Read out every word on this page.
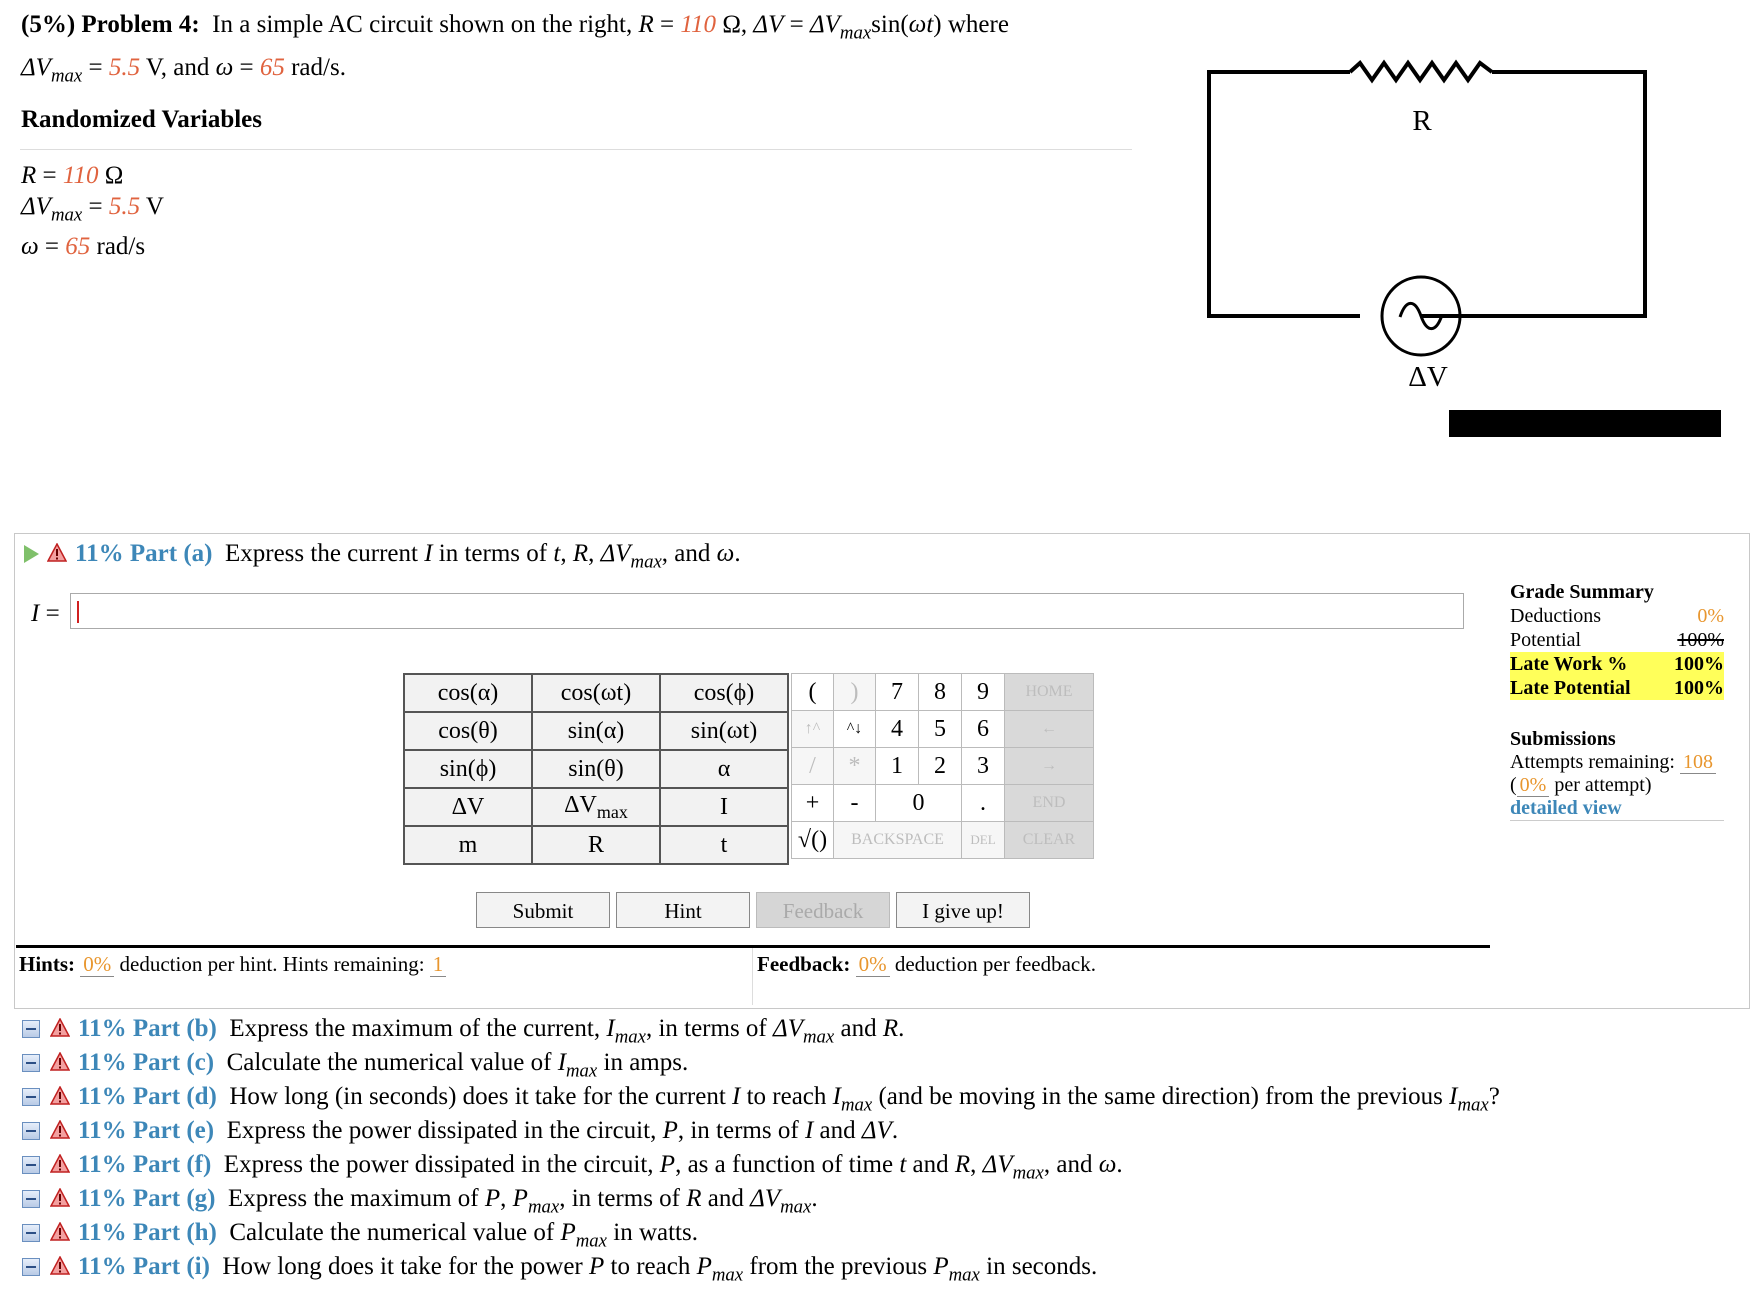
(5%) Problem 4: In a simple AC circuit shown on the right, R = 110 Ω, $\Delta V = \Delta V_{max}\sin(\omega t)$ where
$\Delta V_{max} = 5.5$ V, and ω = 65 rad/s.
Randomized Variables
R = 110 Ω
$\Delta V_{max} = 5.5$ V
ω = 65 rad/s
R
ΔV
11% Part (a)  Express the current I in terms of t, R, $\Delta V_{max}$, and ω.
I =
cos(α)	cos(ωt)	cos(ϕ)
cos(θ)	sin(α)	sin(ωt)
sin(ϕ)	sin(θ)	α
ΔV	$\Delta V_{max}$	I
m	R	t
(	)	7	8	9	HOME
↑^	^↓	4	5	6	←
/	*	1	2	3	→
+	-	0		.	END
√()	BACKSPACE			DEL	CLEAR
Submit	Hint	Feedback	I give up!
Hints: 0% deduction per hint. Hints remaining: 1	Feedback: 0% deduction per feedback.
Grade Summary
Deductions	0%
Potential	100%
Late Work % 100%
Late Potential 100%
Submissions
Attempts remaining: 108
( 0% per attempt)
detailed view
11% Part (b)  Express the maximum of the current, $I_{max}$, in terms of $\Delta V_{max}$ and R.
11% Part (c)  Calculate the numerical value of $I_{max}$ in amps.
11% Part (d)  How long (in seconds) does it take for the current I to reach $I_{max}$ (and be moving in the same direction) from the previous $I_{max}$?
11% Part (e)  Express the power dissipated in the circuit, P, in terms of I and ΔV.
11% Part (f)  Express the power dissipated in the circuit, P, as a function of time t and R, $\Delta V_{max}$, and ω.
11% Part (g)  Express the maximum of P, $P_{max}$, in terms of R and $\Delta V_{max}$.
11% Part (h)  Calculate the numerical value of $P_{max}$ in watts.
11% Part (i)  How long does it take for the power P to reach $P_{max}$ from the previous $P_{max}$ in seconds.
